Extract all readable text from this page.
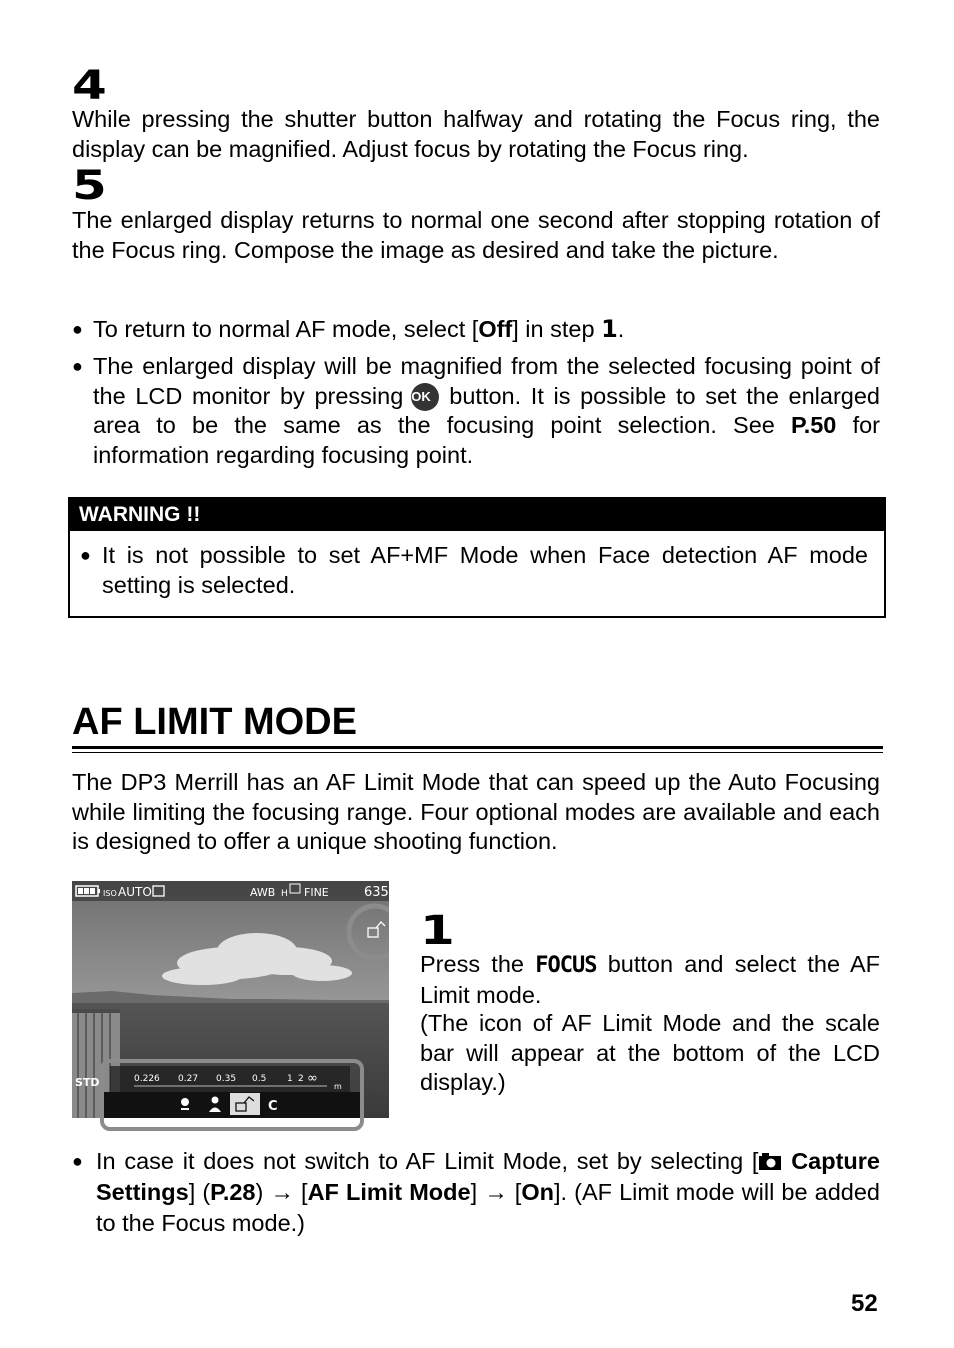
4
While pressing the shutter button halfway and rotating the Focus ring, the display can be magnified. Adjust focus by rotating the Focus ring.
5
The enlarged display returns to normal one second after stopping rotation of the Focus ring. Compose the image as desired and take the picture.
● To return to normal AF mode, select [Off] in step 1.
● The enlarged display will be magnified from the selected focusing point of the LCD monitor by pressing OK button. It is possible to set the enlarged area to be the same as the focusing point selection. See P.50 for information regarding focusing point.
WARNING !!
● It is not possible to set AF+MF Mode when Face detection AF mode setting is selected.
AF LIMIT MODE
The DP3 Merrill has an AF Limit Mode that can speed up the Auto Focusing while limiting the focusing range. Four optional modes are available and each is designed to offer a unique shooting function.
ISO AUTO	AWB H FINE	635
STD.	0.226 0.27 0.35 0.5 1 2 ∞
m
C
1
Press the FOCUS button and select the AF Limit mode.
(The icon of AF Limit Mode and the scale bar will appear at the bottom of the LCD display.)
● In case it does not switch to AF Limit Mode, set by selecting [ Capture Settings] (P.28) → [AF Limit Mode] → [On]. (AF Limit mode will be added to the Focus mode.)
52
